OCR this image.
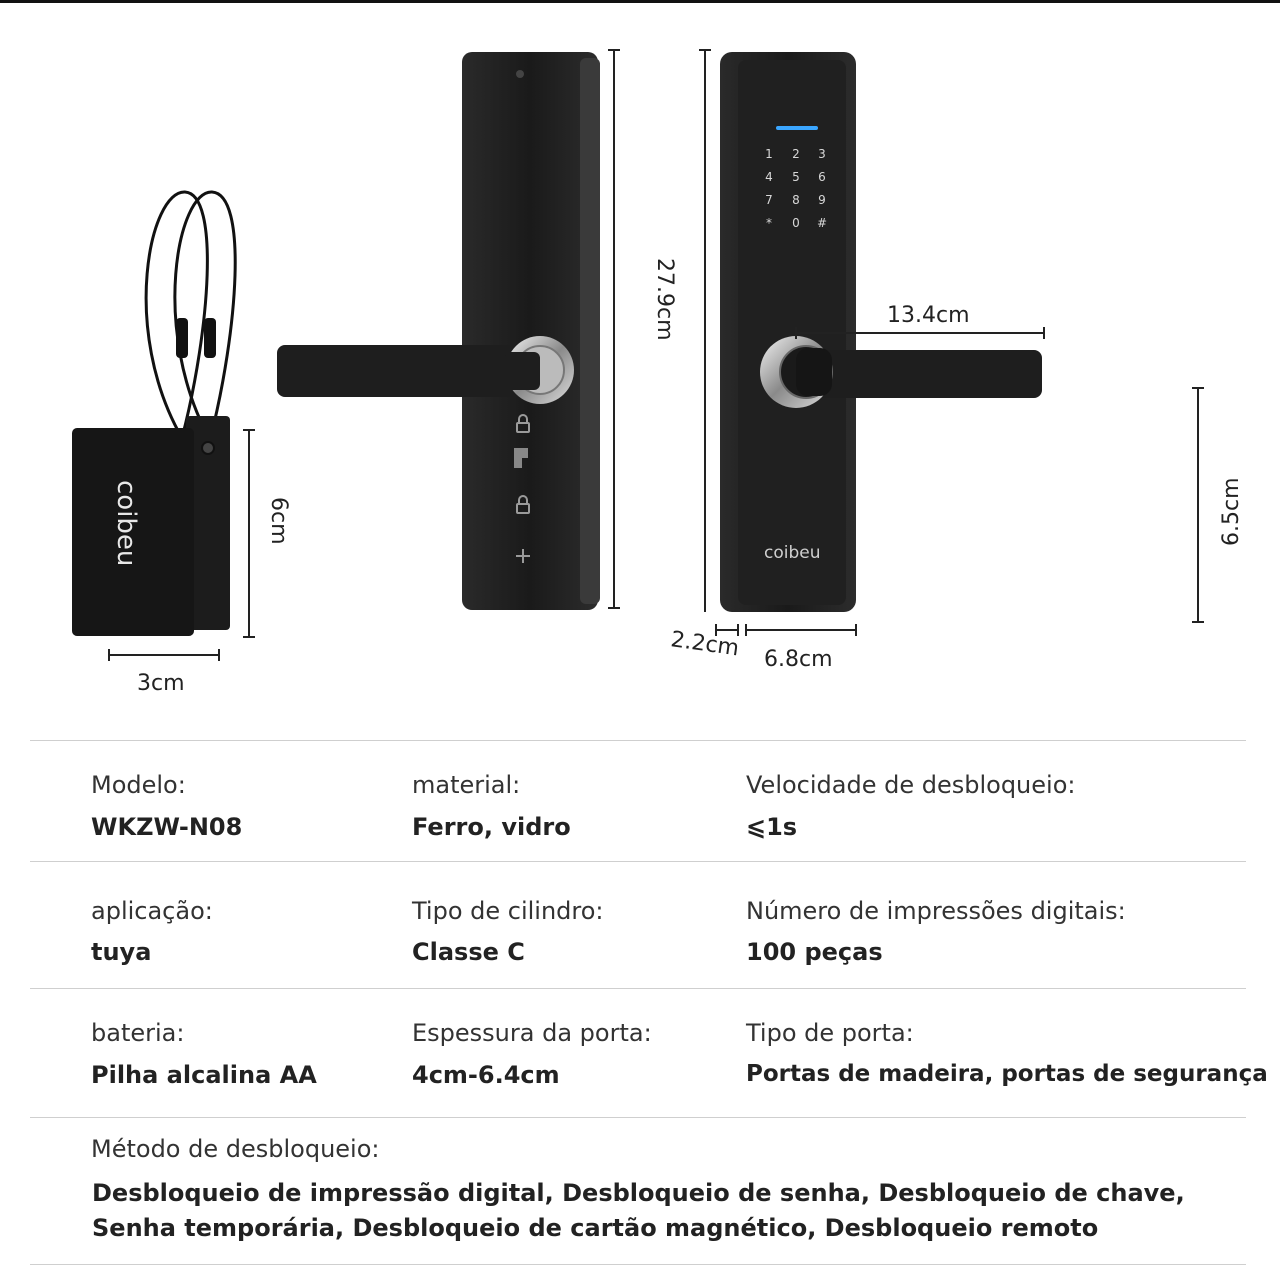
coibeu	6cm
3cm
27.9cm
1 2 3
4 5 6
7 8 9
* 0 #
coibeu
13.4cm
6.5cm
2.2cm 6.8cm
Modelo:
WKZW-N08
material:
Ferro, vidro
Velocidade de desbloqueio:
⩽1s
aplicação:
tuya
Tipo de cilindro:
Classe C
Número de impressões digitais:
100 peças
bateria:
Pilha alcalina AA
Espessura da porta:
4cm-6.4cm
Tipo de porta:
Portas de madeira, portas de segurança
Método de desbloqueio:
Desbloqueio de impressão digital, Desbloqueio de senha, Desbloqueio de chave,
Senha temporária, Desbloqueio de cartão magnético, Desbloqueio remoto
